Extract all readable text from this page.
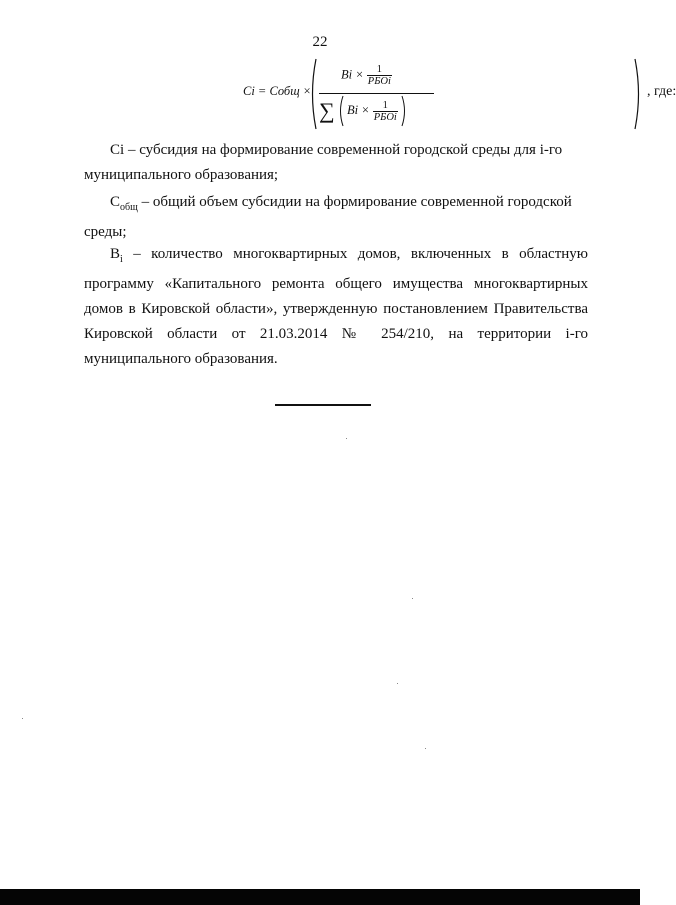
22
Ci = Cобщ ×
$Bi \times \frac{1}{\text{РБОi}}$
∑ $Bi \times \frac{1}{\text{РБОi}}$

, где:

Ci – субсидия на формирование современной городской среды для i-го муниципального образования;

$C_{общ}$ – общий объем субсидии на формирование современной городской среды;

$B_i$ – количество многоквартирных домов, включенных в областную программу «Капитального ремонта общего имущества многоквартирных домов в Кировской области», утвержденную постановлением Правительства Кировской области от 21.03.2014 № 254/210, на территории i-го муниципального образования.
